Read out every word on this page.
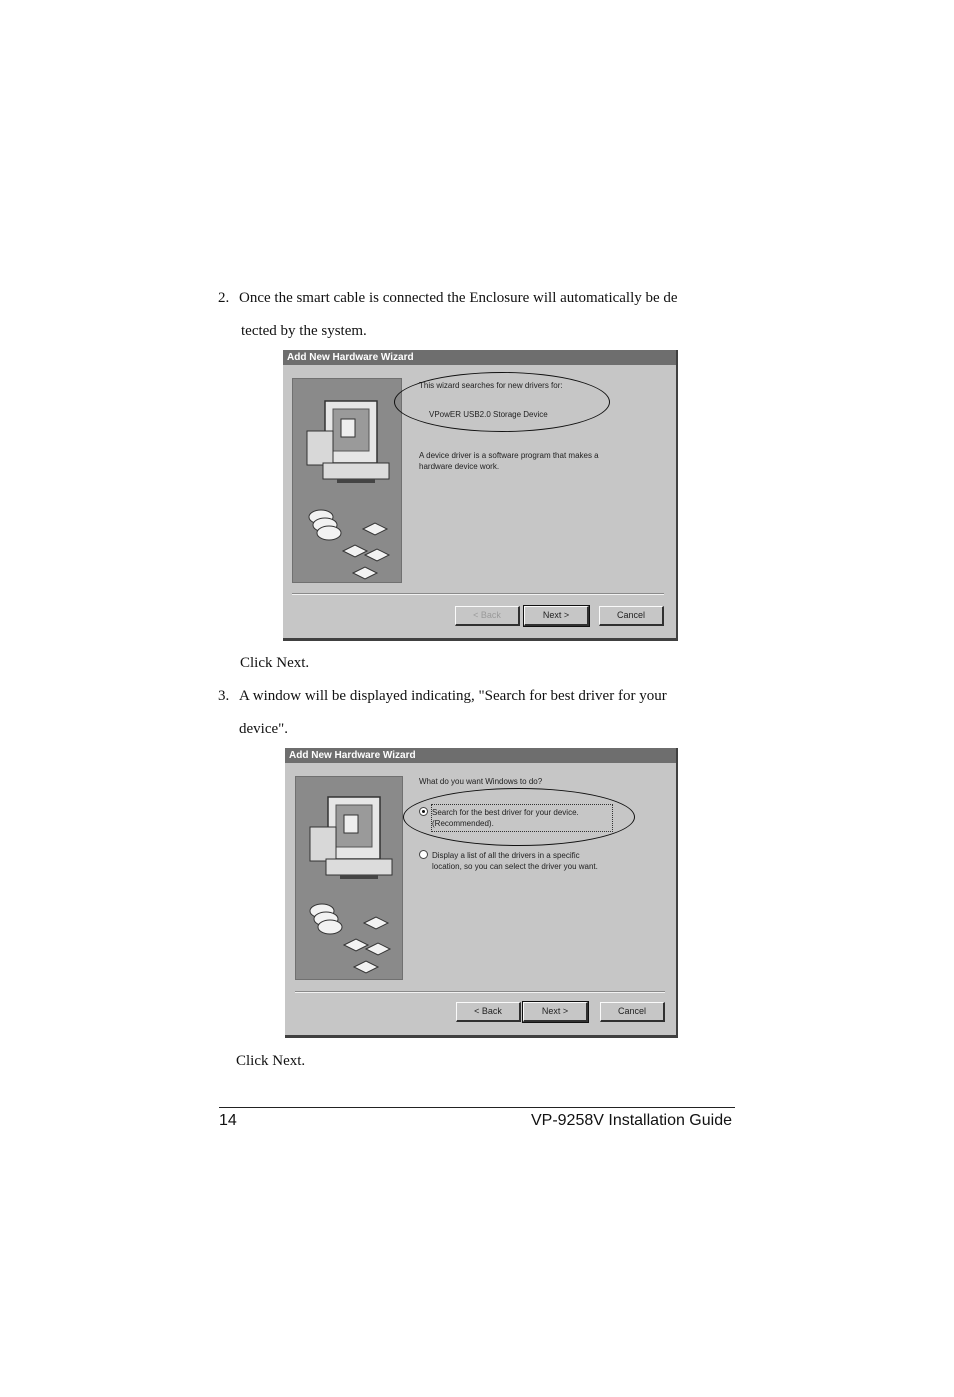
2. Once the smart cable is connected the Enclosure will automatically be de
tected by the system.
Add New Hardware Wizard
This wizard searches for new drivers for:
VPowER USB2.0 Storage Device
A device driver is a software program that makes a
hardware device work.
< Back	Next >	Cancel
Click Next.
3. A window will be displayed indicating, "Search for best driver for your
device".
Add New Hardware Wizard
What do you want Windows to do?
Search for the best driver for your device.
(Recommended).
Display a list of all the drivers in a specific
location, so you can select the driver you want.
< Back	Next >	Cancel
Click Next.
14	VP-9258V Installation Guide
